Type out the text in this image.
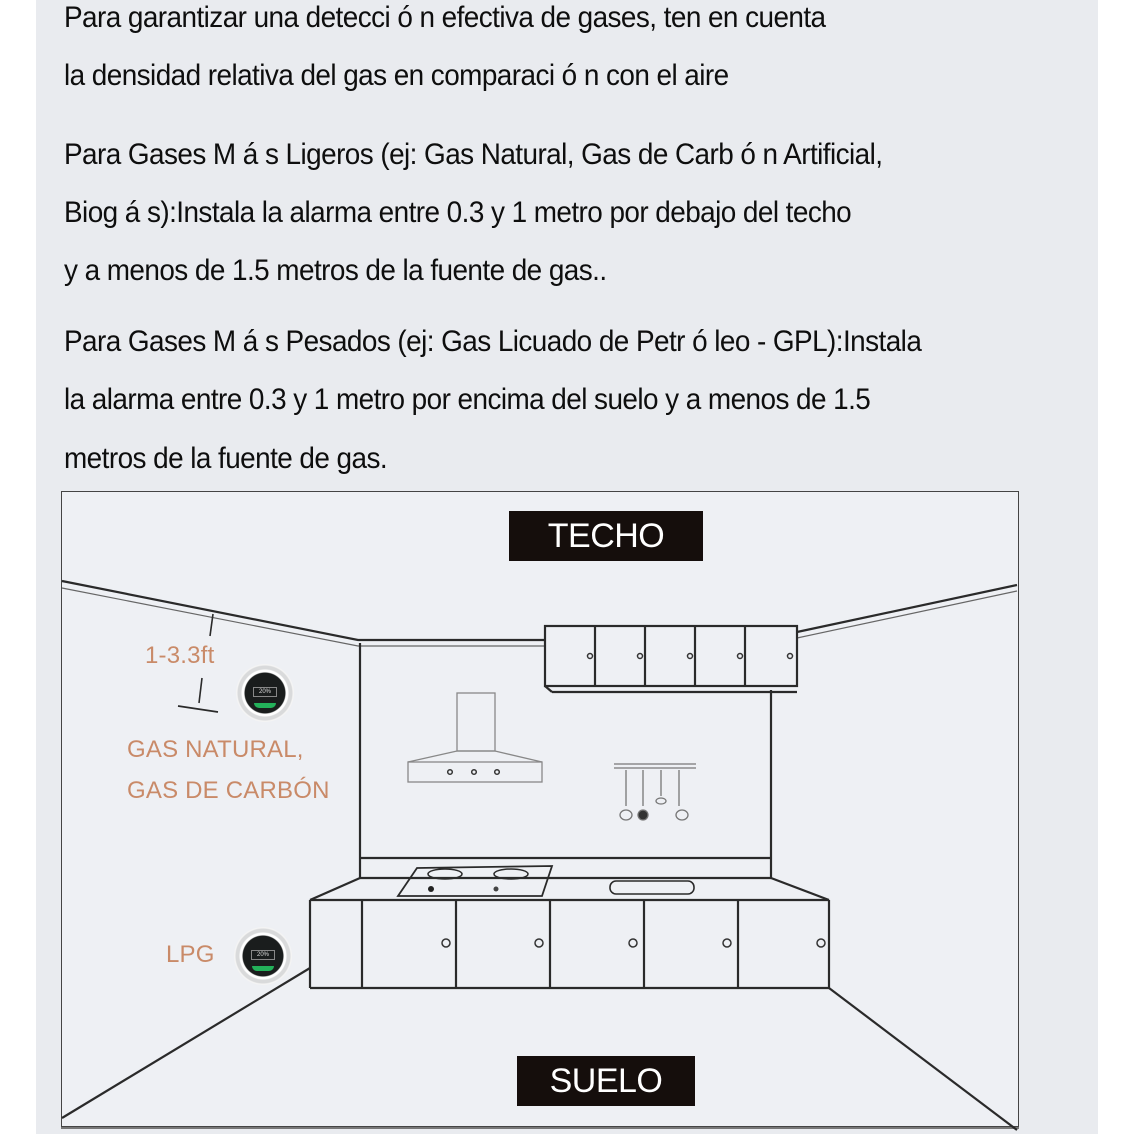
Para garantizar una detecci ó n efectiva de gases, ten en cuenta
la densidad relativa del gas en comparaci ó n con el aire
Para Gases M á s Ligeros (ej: Gas Natural, Gas de Carb ó n Artificial,
Biog á s):Instala la alarma entre 0.3 y 1 metro por debajo del techo
y a menos de 1.5 metros de la fuente de gas..
Para Gases M á s Pesados (ej: Gas Licuado de Petr ó leo - GPL):Instala
la alarma entre 0.3 y 1 metro por encima del suelo y a menos de 1.5
metros de la fuente de gas.
TECHO
SUELO
1-3.3ft
GAS NATURAL,
GAS DE CARBÓN
LPG
20%
20%
